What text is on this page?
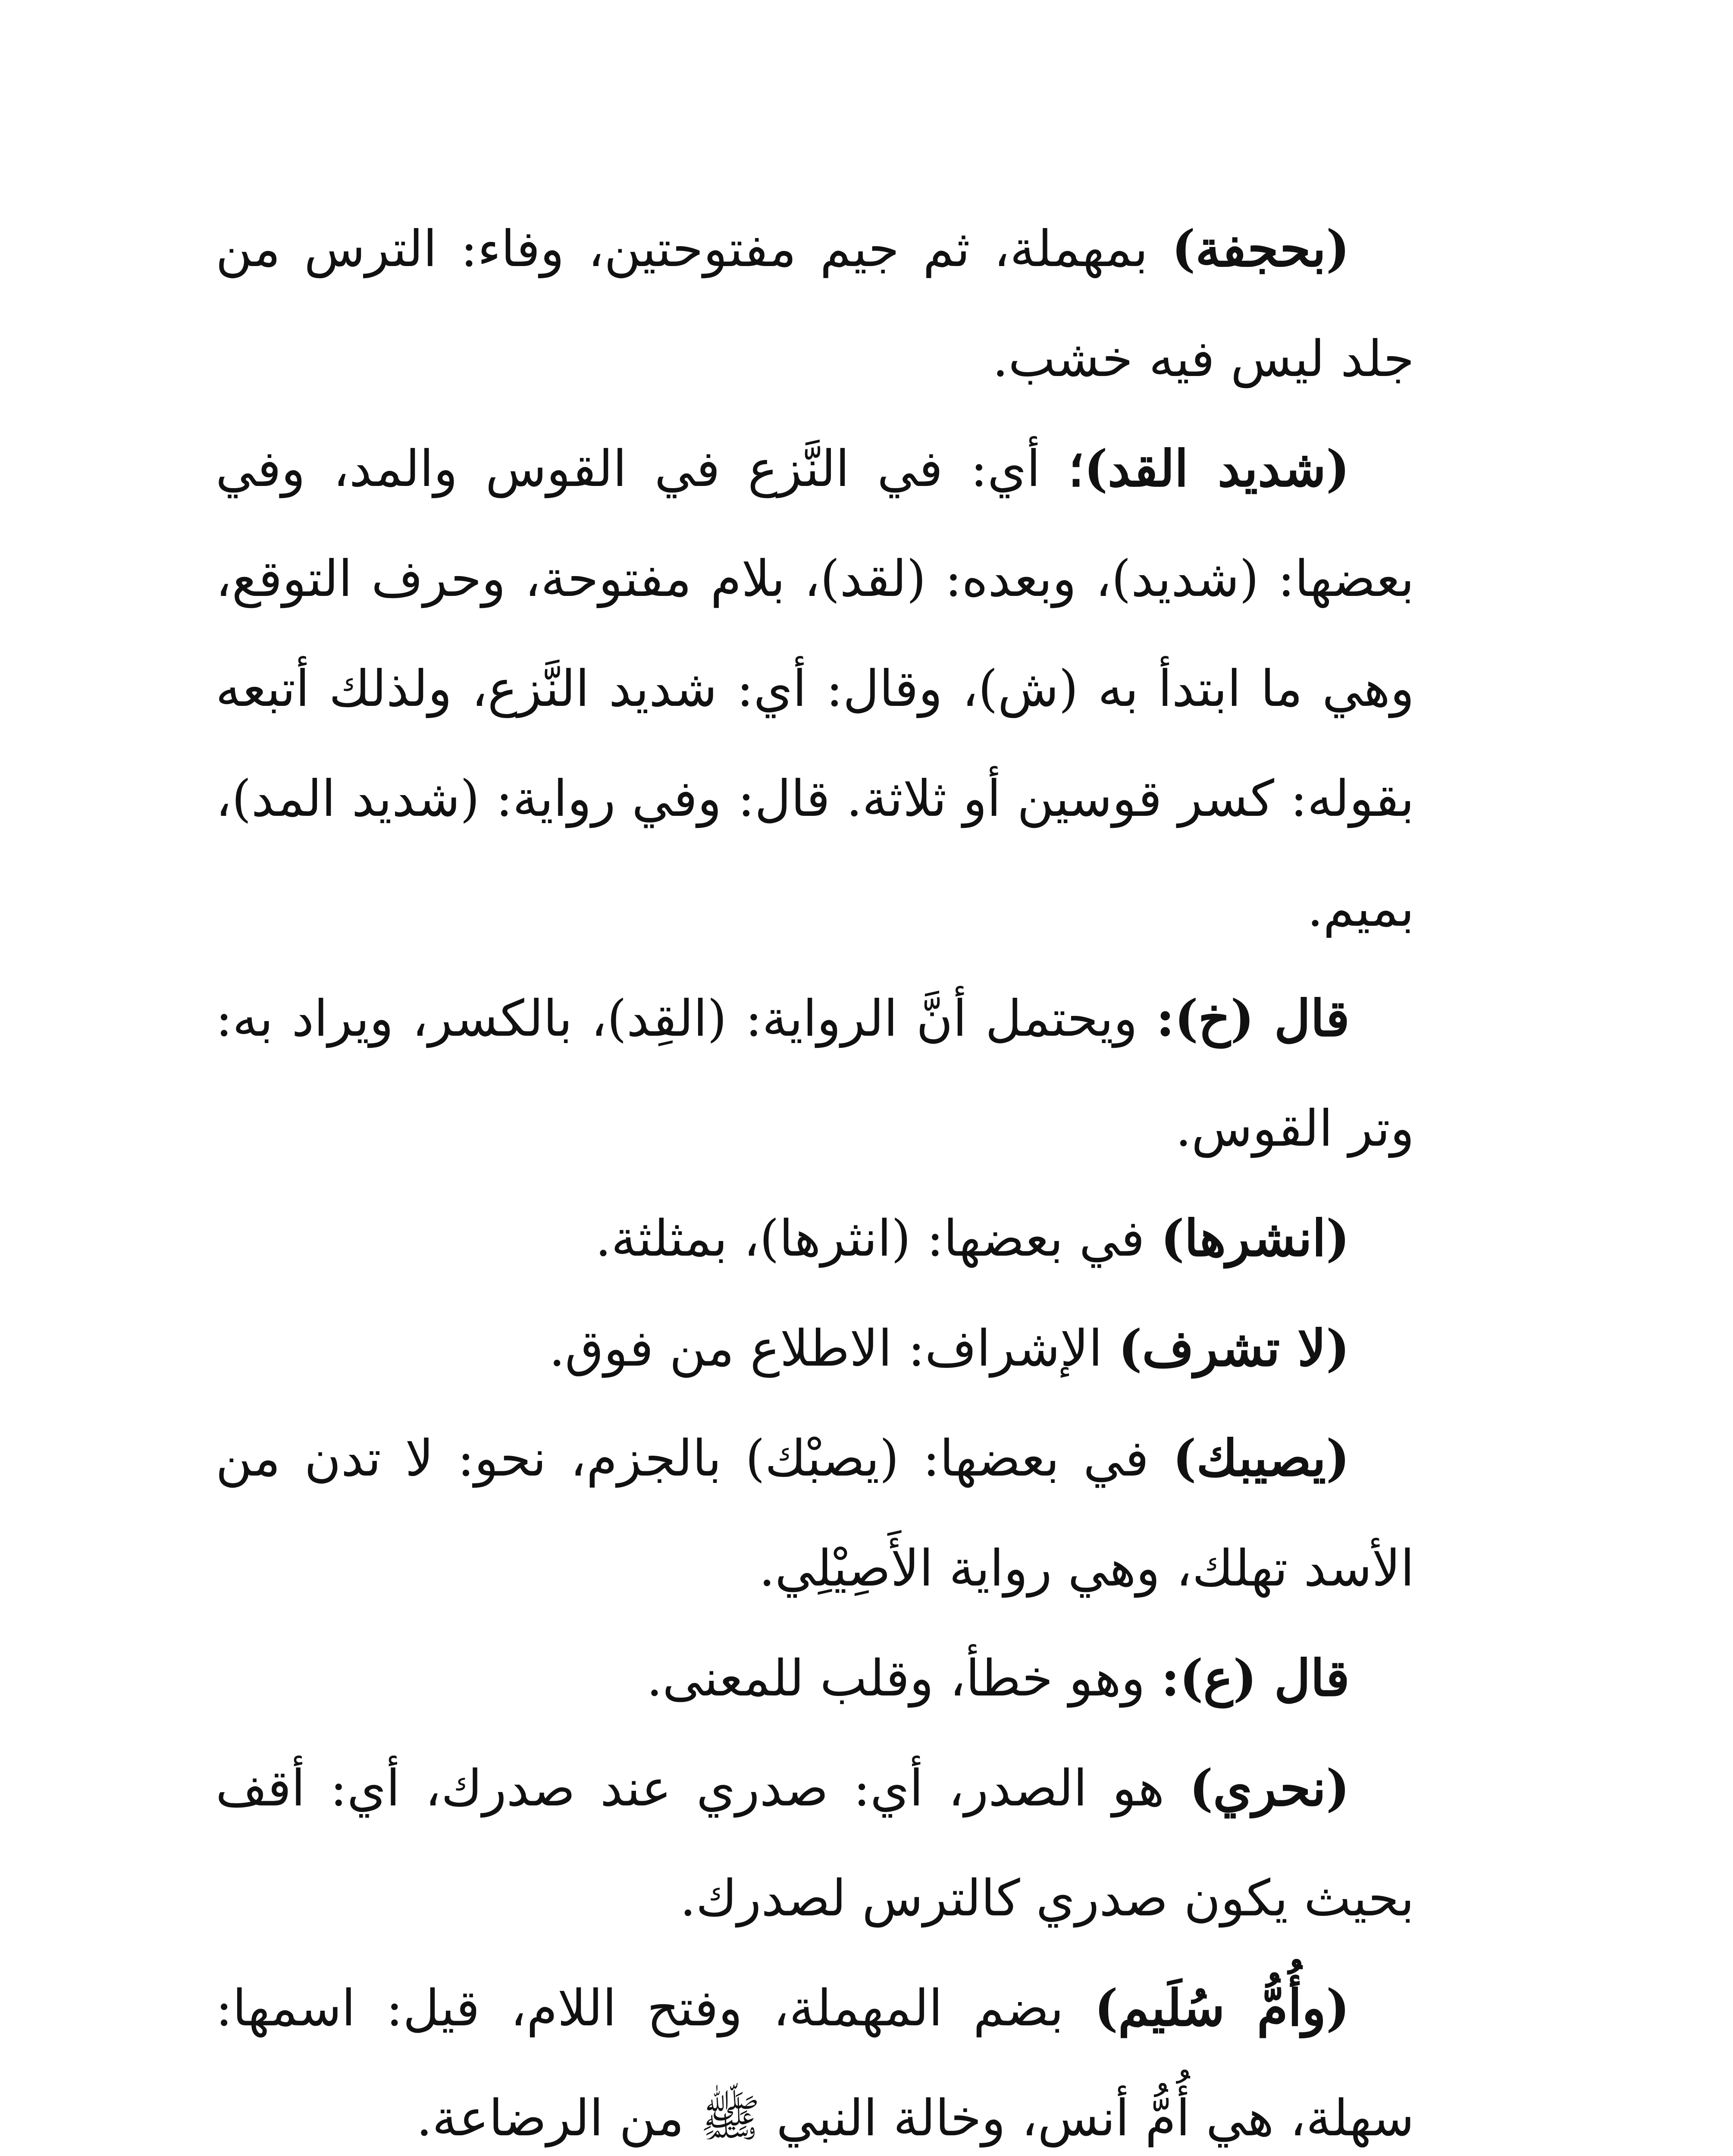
(بحجفة) بمهملة، ثم جيم مفتوحتين، وفاء: الترس من جلد ليس فيه خشب.

(شديد القد)؛ أي: في النَّزع في القوس والمد، وفي بعضها: (شديد)، وبعده: (لقد)، بلام مفتوحة، وحرف التوقع، وهي ما ابتدأ به (ش)، وقال: أي: شديد النَّزع، ولذلك أتبعه بقوله: كسر قوسين أو ثلاثة. قال: وفي رواية: (شديد المد)، بميم.

قال (خ): ويحتمل أنَّ الرواية: (القِد)، بالكسر، ويراد به: وتر القوس.

(انشرها) في بعضها: (انثرها)، بمثلثة.

(لا تشرف) الإشراف: الاطلاع من فوق.

(يصيبك) في بعضها: (يصبْك) بالجزم، نحو: لا تدن من الأسد تهلك، وهي رواية الأَصِيْلِي.

قال (ع): وهو خطأ، وقلب للمعنى.

(نحري) هو الصدر، أي: صدري عند صدرك، أي: أقف بحيث يكون صدري كالترس لصدرك.

(وأُمُّ سُلَيم) بضم المهملة، وفتح اللام، قيل: اسمها: سهلة، هي أُمُّ أنس، وخالة النبي ﷺ من الرضاعة.
